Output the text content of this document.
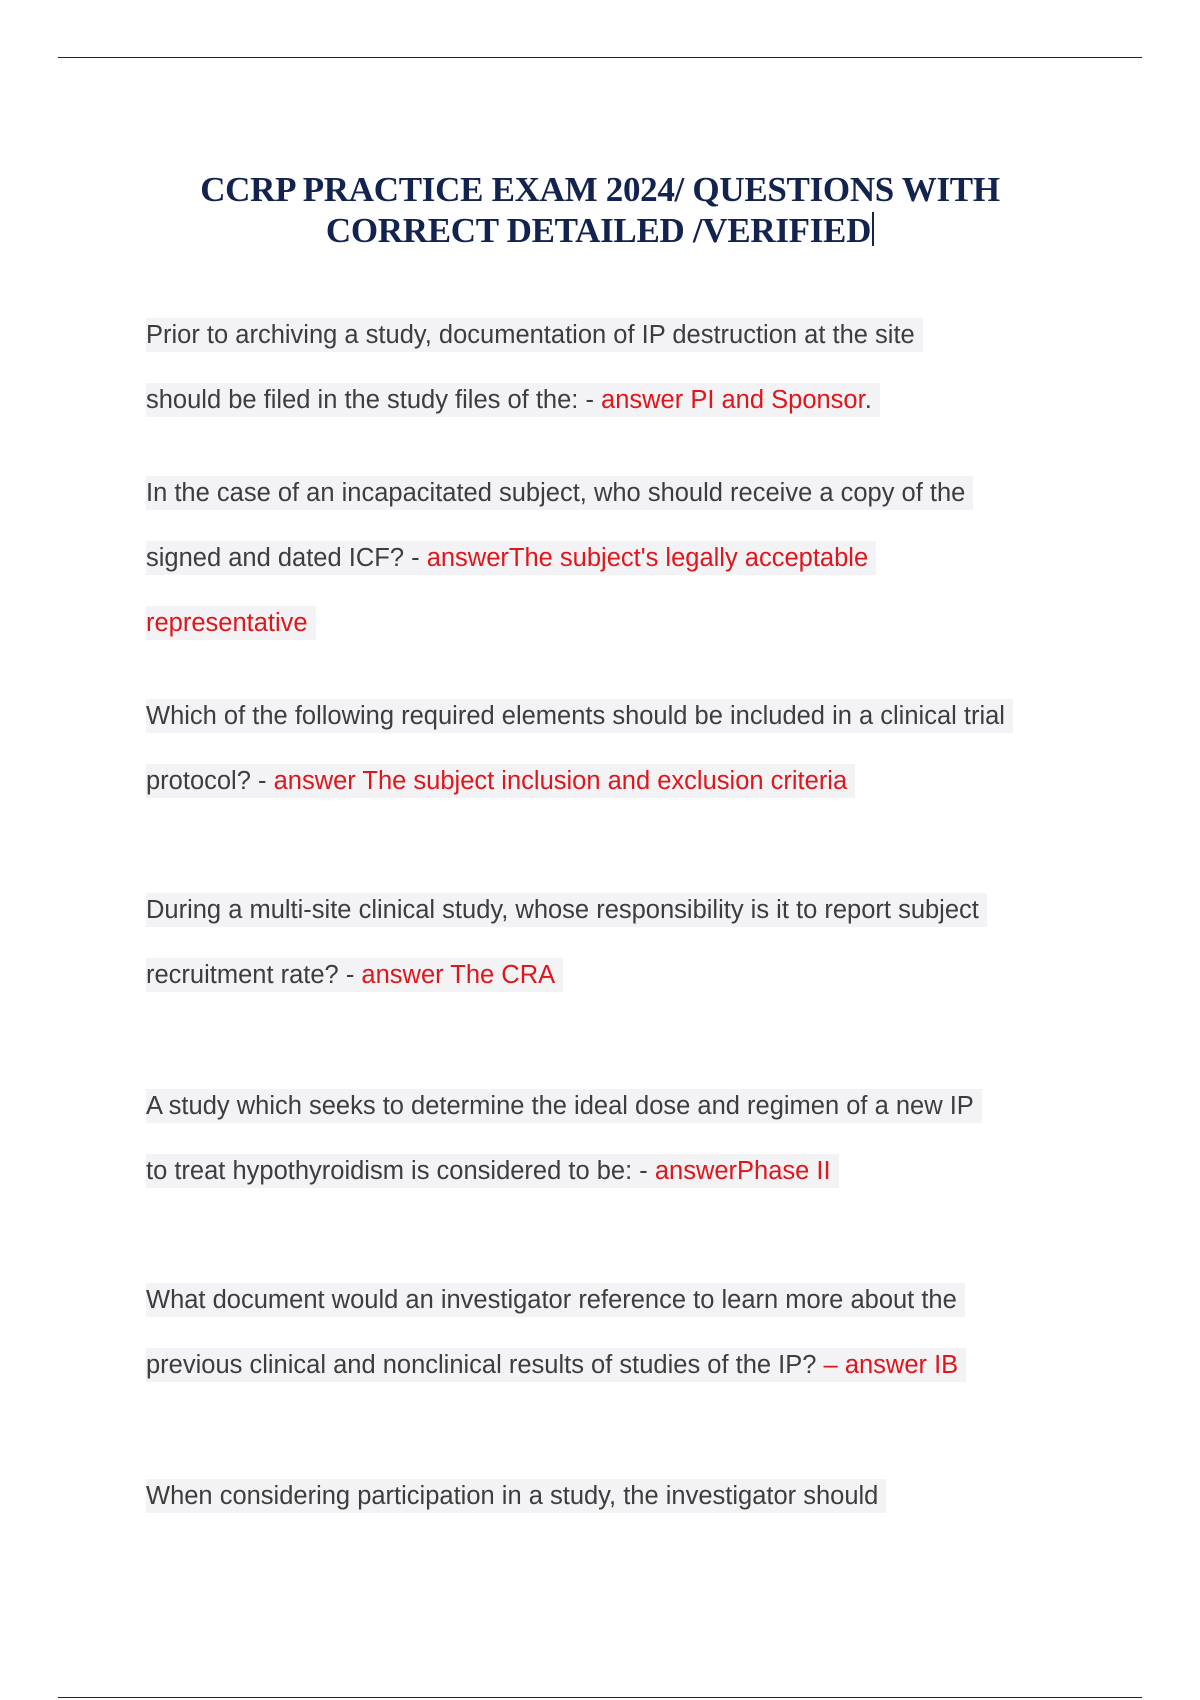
CCRP PRACTICE EXAM 2024/ QUESTIONS WITH
CORRECT DETAILED /VERIFIED
Prior to archiving a study, documentation of IP destruction at the site
should be filed in the study files of the: - answer PI and Sponsor.
In the case of an incapacitated subject, who should receive a copy of the
signed and dated ICF? - answerThe subject's legally acceptable
representative
Which of the following required elements should be included in a clinical trial
protocol? - answer The subject inclusion and exclusion criteria
During a multi-site clinical study, whose responsibility is it to report subject
recruitment rate? - answer The CRA
A study which seeks to determine the ideal dose and regimen of a new IP
to treat hypothyroidism is considered to be: - answerPhase II
What document would an investigator reference to learn more about the
previous clinical and nonclinical results of studies of the IP? – answer IB
When considering participation in a study, the investigator should
